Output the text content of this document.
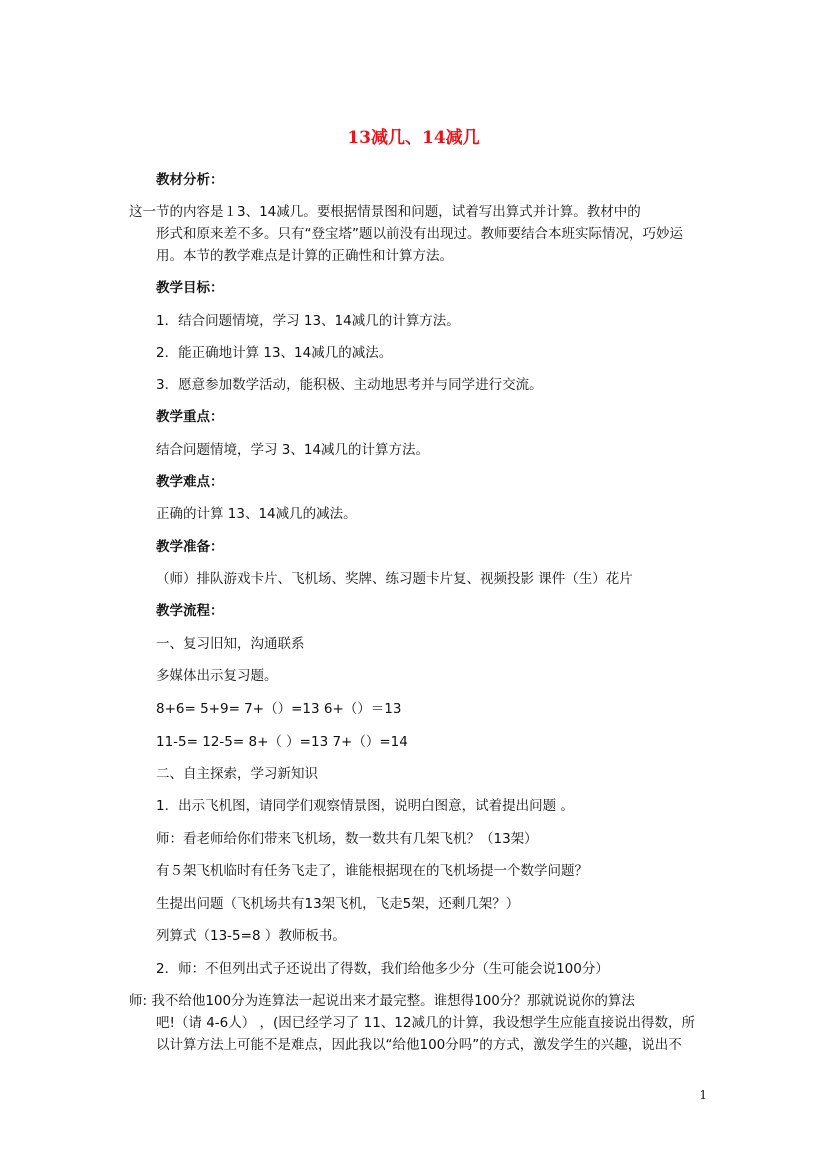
13减几、14减几
教材分析：
这一节的内容是１3、14减几。要根据情景图和问题，试着写出算式并计算。教材中的
形式和原来差不多。只有“登宝塔”题以前没有出现过。教师要结合本班实际情况，巧妙运
用。本节的教学难点是计算的正确性和计算方法。
教学目标：
1．结合问题情境，学习 13、14减几的计算方法。
2．能正确地计算 13、14减几的减法。
3．愿意参加数学活动，能积极、主动地思考并与同学进行交流。
教学重点：
结合问题情境，学习 3、14减几的计算方法。
教学难点：
正确的计算 13、14减几的减法。
教学准备：
（师）排队游戏卡片、飞机场、奖牌、练习题卡片复、视频投影 课件（生）花片
教学流程：
一、复习旧知，沟通联系
多媒体出示复习题。
8+6= 5+9= 7+（）=13 6+（）＝13
11-5= 12-5= 8+（ ）=13 7+（）=14
二、自主探索，学习新知识
1．出示飞机图，请同学们观察情景图，说明白图意，试着提出问题 。
师：看老师给你们带来飞机场，数一数共有几架飞机？（13架）
有５架飞机临时有任务飞走了，谁能根据现在的飞机场提一个数学问题？
生提出问题（飞机场共有13架飞机，飞走5架，还剩几架？）
列算式（13-5=8 ）教师板书。
2．师：不但列出式子还说出了得数，我们给他多少分（生可能会说100分）
师: 我不给他100分为连算法一起说出来才最完整。谁想得100分？那就说说你的算法
吧!（请 4-6人） ，(因已经学习了 11、12减几的计算，我设想学生应能直接说出得数，所
以计算方法上可能不是难点，因此我以“给他100分吗”的方式，激发学生的兴趣，说出不
1
